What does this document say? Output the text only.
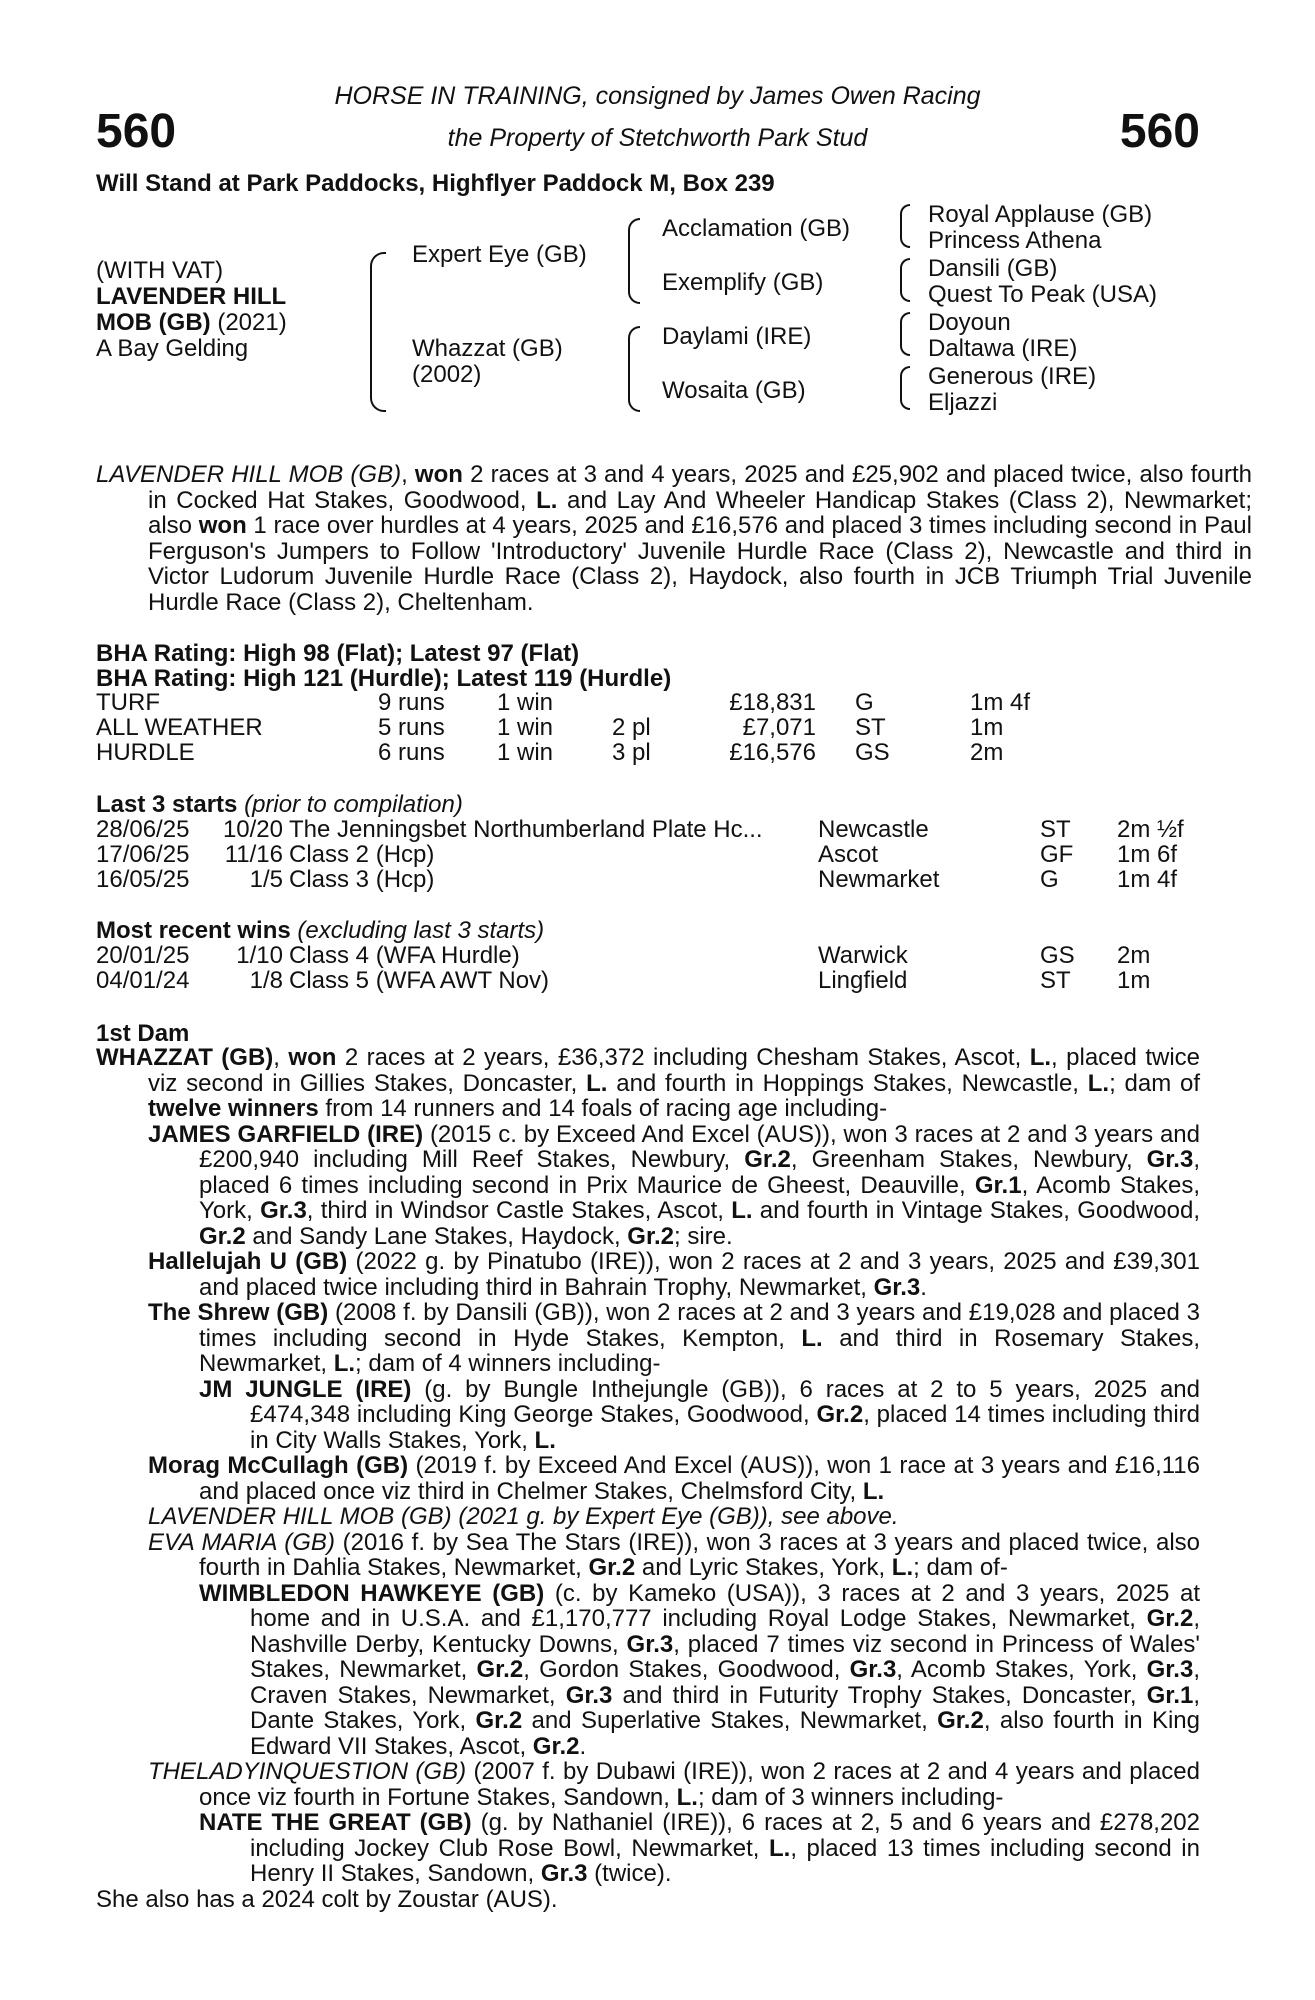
560	560
HORSE IN TRAINING, consigned by James Owen Racing
the Property of Stetchworth Park Stud
Will Stand at Park Paddocks, Highflyer Paddock M, Box 239
(WITH VAT)
LAVENDER HILL
MOB (GB) (2021)
A Bay Gelding
Expert Eye (GB)
Whazzat (GB)
(2002)
Acclamation (GB)
Exemplify (GB)
Daylami (IRE)
Wosaita (GB)
Royal Applause (GB)
Princess Athena
Dansili (GB)
Quest To Peak (USA)
Doyoun
Daltawa (IRE)
Generous (IRE)
Eljazzi
LAVENDER HILL MOB (GB), won 2 races at 3 and 4 years, 2025 and £25,902 and placed twice, also fourth in Cocked Hat Stakes, Goodwood, L. and Lay And Wheeler Handicap Stakes (Class 2), Newmarket; also won 1 race over hurdles at 4 years, 2025 and £16,576 and placed 3 times including second in Paul Ferguson's Jumpers to Follow 'Introductory' Juvenile Hurdle Race (Class 2), Newcastle and third in Victor Ludorum Juvenile Hurdle Race (Class 2), Haydock, also fourth in JCB Triumph Trial Juvenile Hurdle Race (Class 2), Cheltenham.
BHA Rating: High 98 (Flat); Latest 97 (Flat)
BHA Rating: High 121 (Hurdle); Latest 119 (Hurdle)
TURF	9 runs 1 win	£18,831 G	1m 4f
ALL WEATHER	5 runs 1 win 2 pl	£7,071 ST	1m
HURDLE	6 runs 1 win 3 pl	£16,576 GS	2m
Last 3 starts (prior to compilation)
28/06/25 10/20 The Jenningsbet Northumberland Plate Hc... Newcastle	ST 2m ½f
17/06/25 11/16 Class 2 (Hcp)	Ascot	GF 1m 6f
16/05/25	1/5 Class 3 (Hcp)	Newmarket	G 1m 4f
Most recent wins (excluding last 3 starts)
20/01/25 1/10 Class 4 (WFA Hurdle)	Warwick	GS 2m
04/01/24	1/8 Class 5 (WFA AWT Nov)	Lingfield	ST 1m
1st Dam

WHAZZAT (GB), won 2 races at 2 years, £36,372 including Chesham Stakes, Ascot, L., placed twice viz second in Gillies Stakes, Doncaster, L. and fourth in Hoppings Stakes, Newcastle, L.; dam of twelve winners from 14 runners and 14 foals of racing age including-

JAMES GARFIELD (IRE) (2015 c. by Exceed And Excel (AUS)), won 3 races at 2 and 3 years and £200,940 including Mill Reef Stakes, Newbury, Gr.2, Greenham Stakes, Newbury, Gr.3, placed 6 times including second in Prix Maurice de Gheest, Deauville, Gr.1, Acomb Stakes, York, Gr.3, third in Windsor Castle Stakes, Ascot, L. and fourth in Vintage Stakes, Goodwood, Gr.2 and Sandy Lane Stakes, Haydock, Gr.2; sire.

Hallelujah U (GB) (2022 g. by Pinatubo (IRE)), won 2 races at 2 and 3 years, 2025 and £39,301 and placed twice including third in Bahrain Trophy, Newmarket, Gr.3.

The Shrew (GB) (2008 f. by Dansili (GB)), won 2 races at 2 and 3 years and £19,028 and placed 3 times including second in Hyde Stakes, Kempton, L. and third in Rosemary Stakes, Newmarket, L.; dam of 4 winners including-

JM JUNGLE (IRE) (g. by Bungle Inthejungle (GB)), 6 races at 2 to 5 years, 2025 and £474,348 including King George Stakes, Goodwood, Gr.2, placed 14 times including third in City Walls Stakes, York, L.

Morag McCullagh (GB) (2019 f. by Exceed And Excel (AUS)), won 1 race at 3 years and £16,116 and placed once viz third in Chelmer Stakes, Chelmsford City, L.

LAVENDER HILL MOB (GB) (2021 g. by Expert Eye (GB)), see above.

EVA MARIA (GB) (2016 f. by Sea The Stars (IRE)), won 3 races at 3 years and placed twice, also fourth in Dahlia Stakes, Newmarket, Gr.2 and Lyric Stakes, York, L.; dam of-

WIMBLEDON HAWKEYE (GB) (c. by Kameko (USA)), 3 races at 2 and 3 years, 2025 at home and in U.S.A. and £1,170,777 including Royal Lodge Stakes, Newmarket, Gr.2, Nashville Derby, Kentucky Downs, Gr.3, placed 7 times viz second in Princess of Wales' Stakes, Newmarket, Gr.2, Gordon Stakes, Goodwood, Gr.3, Acomb Stakes, York, Gr.3, Craven Stakes, Newmarket, Gr.3 and third in Futurity Trophy Stakes, Doncaster, Gr.1, Dante Stakes, York, Gr.2 and Superlative Stakes, Newmarket, Gr.2, also fourth in King Edward VII Stakes, Ascot, Gr.2.

THELADYINQUESTION (GB) (2007 f. by Dubawi (IRE)), won 2 races at 2 and 4 years and placed once viz fourth in Fortune Stakes, Sandown, L.; dam of 3 winners including-

NATE THE GREAT (GB) (g. by Nathaniel (IRE)), 6 races at 2, 5 and 6 years and £278,202 including Jockey Club Rose Bowl, Newmarket, L., placed 13 times including second in Henry II Stakes, Sandown, Gr.3 (twice).

She also has a 2024 colt by Zoustar (AUS).
